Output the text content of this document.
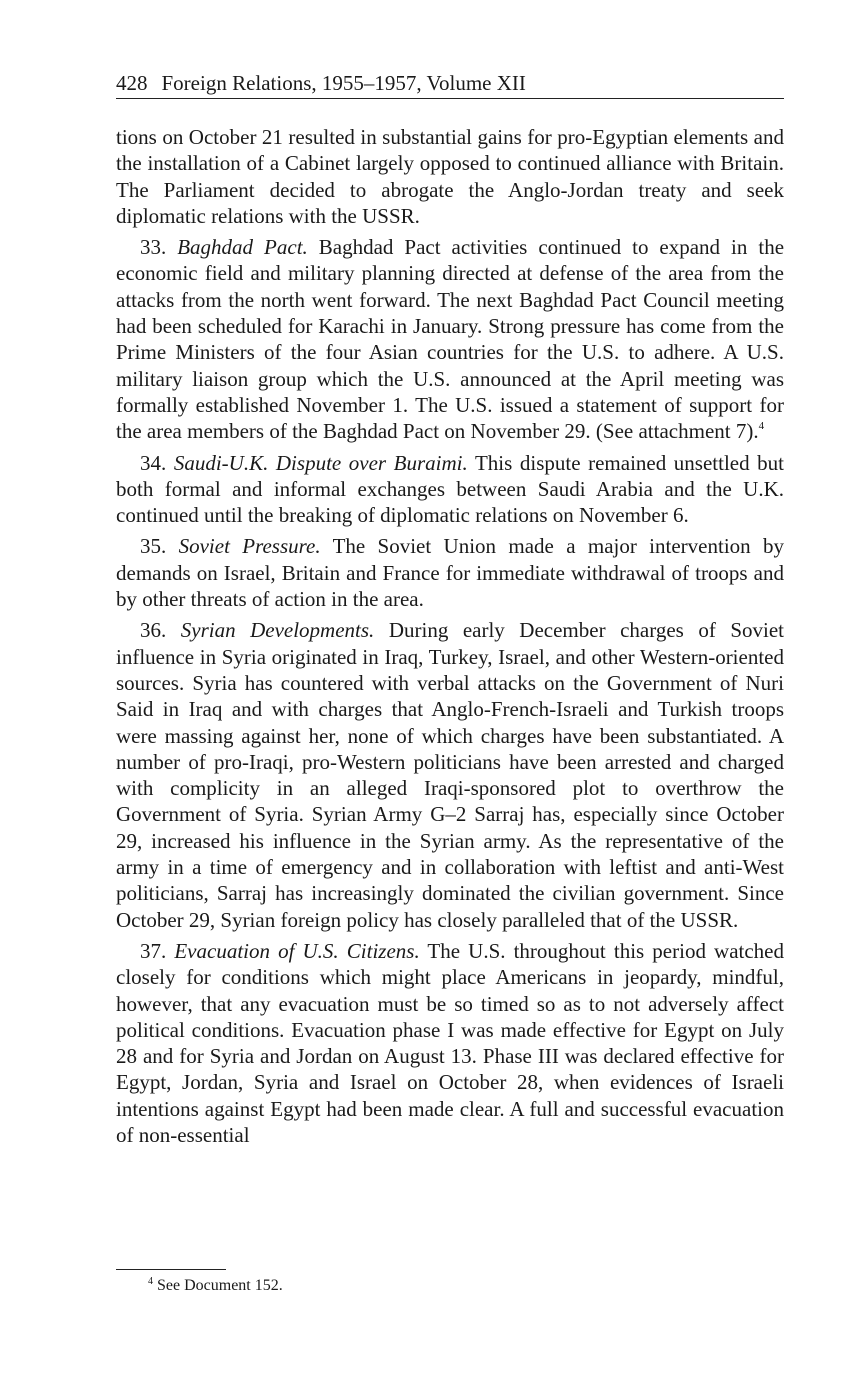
428 Foreign Relations, 1955–1957, Volume XII

tions on October 21 resulted in substantial gains for pro-Egyptian elements and the installation of a Cabinet largely opposed to continued alliance with Britain. The Parliament decided to abrogate the Anglo-Jordan treaty and seek diplomatic relations with the USSR.

33. Baghdad Pact. Baghdad Pact activities continued to expand in the economic field and military planning directed at defense of the area from the attacks from the north went forward. The next Baghdad Pact Council meeting had been scheduled for Karachi in January. Strong pressure has come from the Prime Ministers of the four Asian countries for the U.S. to adhere. A U.S. military liaison group which the U.S. announced at the April meeting was formally established November 1. The U.S. issued a statement of support for the area members of the Baghdad Pact on November 29. (See attachment 7).$^4$

34. Saudi-U.K. Dispute over Buraimi. This dispute remained unsettled but both formal and informal exchanges between Saudi Arabia and the U.K. continued until the breaking of diplomatic relations on November 6.

35. Soviet Pressure. The Soviet Union made a major intervention by demands on Israel, Britain and France for immediate withdrawal of troops and by other threats of action in the area.

36. Syrian Developments. During early December charges of Soviet influence in Syria originated in Iraq, Turkey, Israel, and other Western-oriented sources. Syria has countered with verbal attacks on the Government of Nuri Said in Iraq and with charges that Anglo-French-Israeli and Turkish troops were massing against her, none of which charges have been substantiated. A number of pro-Iraqi, pro-Western politicians have been arrested and charged with complicity in an alleged Iraqi-sponsored plot to overthrow the Government of Syria. Syrian Army G–2 Sarraj has, especially since October 29, increased his influence in the Syrian army. As the representative of the army in a time of emergency and in collaboration with leftist and anti-West politicians, Sarraj has increasingly dominated the civilian government. Since October 29, Syrian foreign policy has closely paralleled that of the USSR.

37. Evacuation of U.S. Citizens. The U.S. throughout this period watched closely for conditions which might place Americans in jeopardy, mindful, however, that any evacuation must be so timed so as to not adversely affect political conditions. Evacuation phase I was made effective for Egypt on July 28 and for Syria and Jordan on August 13. Phase III was declared effective for Egypt, Jordan, Syria and Israel on October 28, when evidences of Israeli intentions against Egypt had been made clear. A full and successful evacuation of non-essential

$^4$ See Document 152.
